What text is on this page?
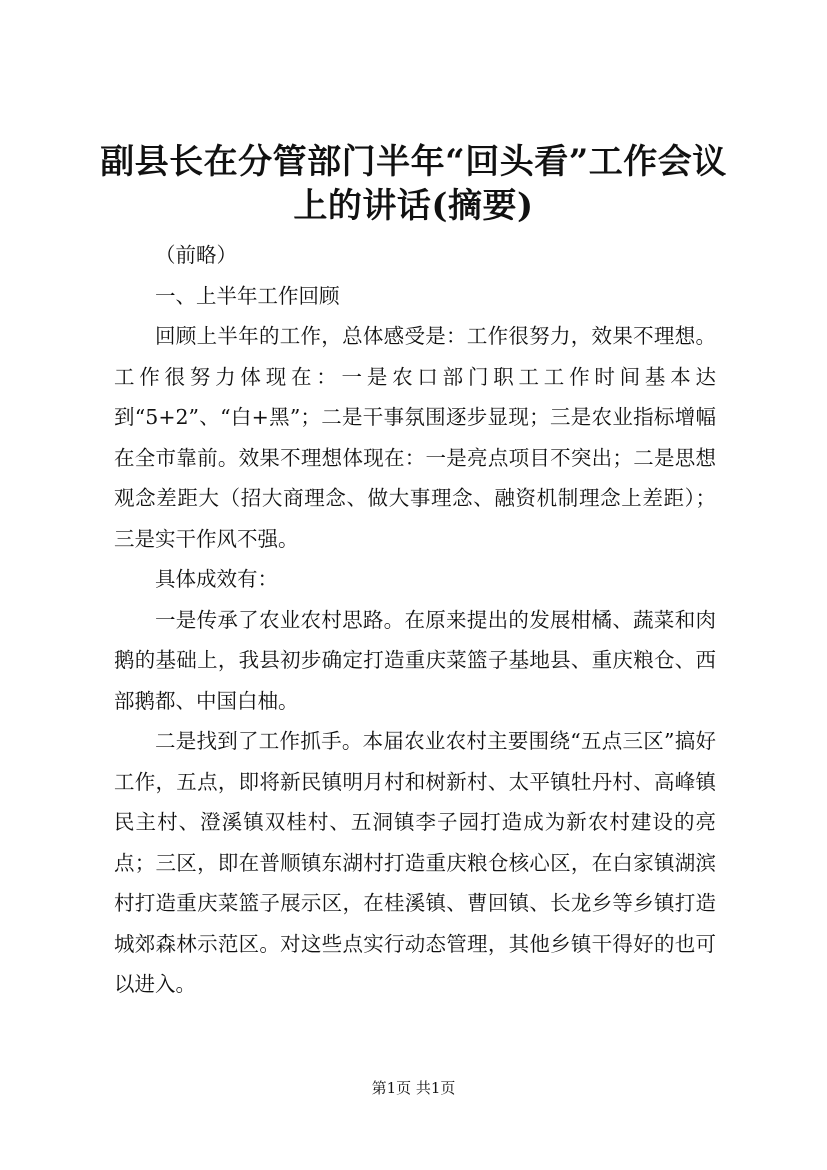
副县长在分管部门半年“回头看”工作会议上的讲话(摘要)

（前略）

一、上半年工作回顾

回顾上半年的工作，总体感受是：工作很努力，效果不理想。工作很努力体现在：一是农口部门职工工作时间基本达到“5+2”、“白+黑”；二是干事氛围逐步显现；三是农业指标增幅在全市靠前。效果不理想体现在：一是亮点项目不突出；二是思想观念差距大（招大商理念、做大事理念、融资机制理念上差距）；三是实干作风不强。

具体成效有：

一是传承了农业农村思路。在原来提出的发展柑橘、蔬菜和肉鹅的基础上，我县初步确定打造重庆菜篮子基地县、重庆粮仓、西部鹅都、中国白柚。

二是找到了工作抓手。本届农业农村主要围绕“五点三区”搞好工作，五点，即将新民镇明月村和树新村、太平镇牡丹村、高峰镇民主村、澄溪镇双桂村、五洞镇李子园打造成为新农村建设的亮点；三区，即在普顺镇东湖村打造重庆粮仓核心区，在白家镇湖滨村打造重庆菜篮子展示区，在桂溪镇、曹回镇、长龙乡等乡镇打造城郊森林示范区。对这些点实行动态管理，其他乡镇干得好的也可以进入。

第1页 共1页
